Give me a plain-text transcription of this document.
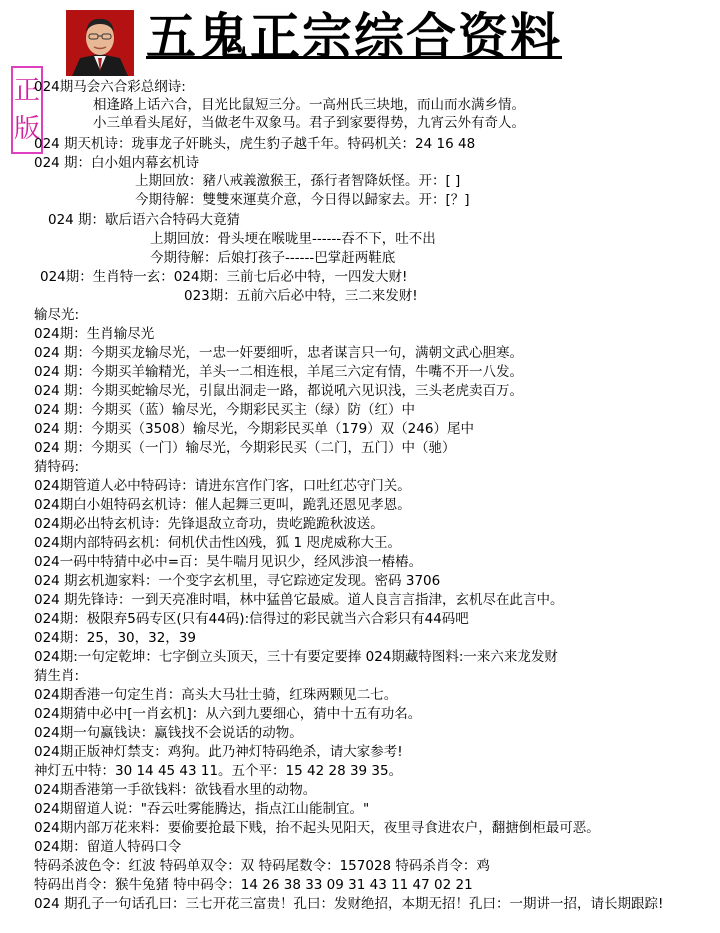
五鬼正宗综合资料
正
版
024期马会六合彩总纲诗:
相逢路上话六合，目光比鼠短三分。一高州氏三块地，而山而水满乡情。
小三单看头尾好，当做老牛双象马。君子到家要得势，九宵云外有奇人。
024 期天机诗：珑事龙子奸眺头，虎生豹子越千年。特码机关：24 16 48
024 期：白小姐内幕玄机诗
上期回放：豬八戒義激猴王，孫行者智降妖怪。开：[ ]
今期待解：雙雙來運莫介意，今日得以歸家去。开：[？]
024 期：歇后语六合特码大竟猜
上期回放：骨头埂在喉咙里------吞不下，吐不出
今期待解：后娘打孩子------巴掌赶两鞋底
024期：生肖特一玄：024期：三前七后必中特，一四发大财!
023期：五前六后必中特，三二来发财!
输尽光:
024期：生肖输尽光
024 期：今期买龙输尽光，一忠一奸要细听，忠者谋言只一句，满朝文武心胆寒。
024 期：今期买羊输精光，羊头一二相连根，羊尾三六定有情，牛嘴不开一八发。
024 期：今期买蛇输尽光，引鼠出洞走一路，都说吼六见识浅，三头老虎卖百万。
024 期：今期买（蓝）输尽光，今期彩民买主（绿）防（红）中
024 期：今期买（3508）输尽光，今期彩民买单（179）双（246）尾中
024 期：今期买（一门）输尽光，今期彩民买（二门，五门）中（驰）
猜特码:
024期管道人必中特码诗：请进东宫作门客，口吐红芯守门关。
024期白小姐特码玄机诗：催人起舞三更叫，跪乳还恩见孝恩。
024期必出特玄机诗：先锋退敌立奇功，贵屹跪跪秋波送。
024期内部特码玄机：伺机伏击性凶残，狐 1 咫虎威称大王。
024一码中特猜中必中=百：昊牛喘月见识少，经风涉浪一樁樁。
024 期玄机迦家料：一个变字玄机里，寻它踪迹定发现。密码 3706
024 期先锋诗：一到天亮准时唱，林中猛兽它最威。道人良言言指津，玄机尽在此言中。
024期：极限弃5码专区(只有44码):信得过的彩民就当六合彩只有44码吧
024期：25，30，32，39
024期:一句定乾坤：七字倒立头顶天，三十有要定要捧 024期藏特图料:一来六来龙发财
猜生肖:
024期香港一句定生肖：高头大马壮士骑，红珠两颗见二七。
024期猜中必中[一肖玄机]：从六到九要细心，猜中十五有功名。
024期一句赢钱诀：赢钱找不会说话的动物。
024期正版神灯禁支：鸡狗。此乃神灯特码绝杀，请大家参考!
神灯五中特：30 14 45 43 11。五个平：15 42 28 39 35。
024期香港第一手欲钱料：欲钱看水里的动物。
024期留道人说："吞云吐雾能腾达，指点江山能制宜。"
024期内部万花来料：要偷要抢最下贱，抬不起头见阳天，夜里寻食进农户，翻搪倒柜最可恶。
024期：留道人特码口令
特码杀波色令：红波 特码单双令：双 特码尾数令：157028 特码杀肖令：鸡
特码出肖令：猴牛兔猪 特中码令：14 26 38 33 09 31 43 11 47 02 21
024 期孔子一句话孔曰：三七开花三富贵！孔曰：发财绝招，本期无招！孔曰：一期讲一招，请长期跟踪!
